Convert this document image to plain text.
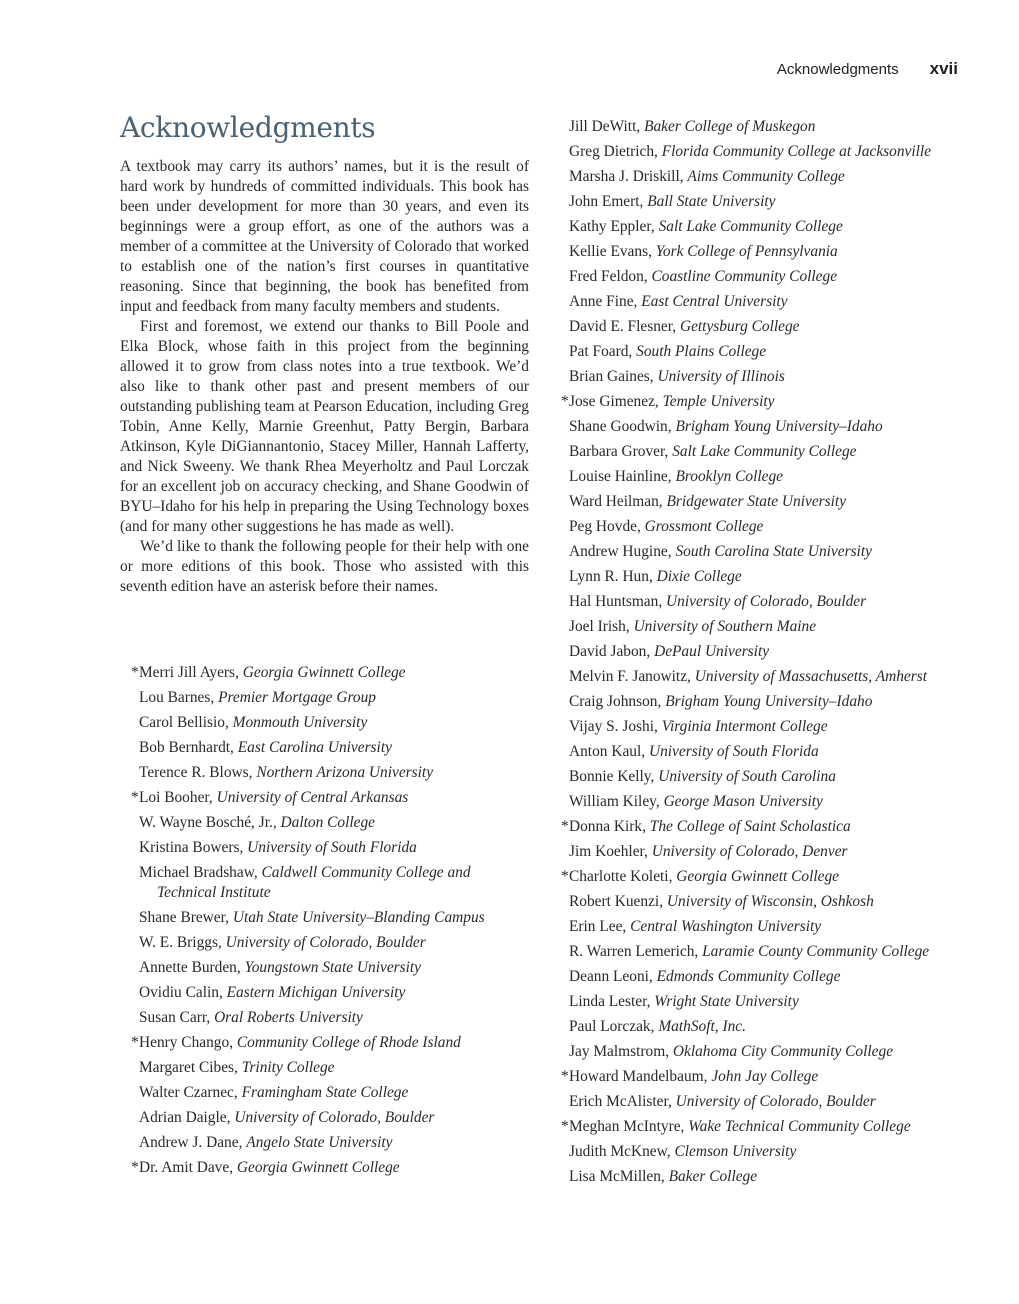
Acknowledgments xvii
Acknowledgments

A textbook may carry its authors’ names, but it is the result of hard work by hundreds of committed individuals. This book has been under development for more than 30 years, and even its beginnings were a group effort, as one of the authors was a member of a committee at the University of Colorado that worked to establish one of the nation’s first courses in quantitative reasoning. Since that beginning, the book has benefited from input and feedback from many faculty members and students.

First and foremost, we extend our thanks to Bill Poole and Elka Block, whose faith in this project from the beginning allowed it to grow from class notes into a true textbook. We’d also like to thank other past and present members of our outstanding publishing team at Pearson Education, including Greg Tobin, Anne Kelly, Marnie Greenhut, Patty Bergin, Barbara Atkinson, Kyle DiGiannantonio, Stacey Miller, Hannah Lafferty, and Nick Sweeny. We thank Rhea Meyerholtz and Paul Lorczak for an excellent job on accuracy checking, and Shane Goodwin of BYU–Idaho for his help in preparing the Using Technology boxes (and for many other suggestions he has made as well).

We’d like to thank the following people for their help with one or more editions of this book. Those who assisted with this seventh edition have an asterisk before their names.

* Merri Jill Ayers, Georgia Gwinnett College
Lou Barnes, Premier Mortgage Group
Carol Bellisio, Monmouth University
Bob Bernhardt, East Carolina University
Terence R. Blows, Northern Arizona University
* Loi Booher, University of Central Arkansas
W. Wayne Bosché, Jr., Dalton College
Kristina Bowers, University of South Florida
Michael Bradshaw, Caldwell Community College and Technical Institute
Shane Brewer, Utah State University–Blanding Campus
W. E. Briggs, University of Colorado, Boulder
Annette Burden, Youngstown State University
Ovidiu Calin, Eastern Michigan University
Susan Carr, Oral Roberts University
* Henry Chango, Community College of Rhode Island
Margaret Cibes, Trinity College
Walter Czarnec, Framingham State College
Adrian Daigle, University of Colorado, Boulder
Andrew J. Dane, Angelo State University
* Dr. Amit Dave, Georgia Gwinnett College
Jill DeWitt, Baker College of Muskegon
Greg Dietrich, Florida Community College at Jacksonville
Marsha J. Driskill, Aims Community College
John Emert, Ball State University
Kathy Eppler, Salt Lake Community College
Kellie Evans, York College of Pennsylvania
Fred Feldon, Coastline Community College
Anne Fine, East Central University
David E. Flesner, Gettysburg College
Pat Foard, South Plains College
Brian Gaines, University of Illinois
* Jose Gimenez, Temple University
Shane Goodwin, Brigham Young University–Idaho
Barbara Grover, Salt Lake Community College
Louise Hainline, Brooklyn College
Ward Heilman, Bridgewater State University
Peg Hovde, Grossmont College
Andrew Hugine, South Carolina State University
Lynn R. Hun, Dixie College
Hal Huntsman, University of Colorado, Boulder
Joel Irish, University of Southern Maine
David Jabon, DePaul University
Melvin F. Janowitz, University of Massachusetts, Amherst
Craig Johnson, Brigham Young University–Idaho
Vijay S. Joshi, Virginia Intermont College
Anton Kaul, University of South Florida
Bonnie Kelly, University of South Carolina
William Kiley, George Mason University
* Donna Kirk, The College of Saint Scholastica
Jim Koehler, University of Colorado, Denver
* Charlotte Koleti, Georgia Gwinnett College
Robert Kuenzi, University of Wisconsin, Oshkosh
Erin Lee, Central Washington University
R. Warren Lemerich, Laramie County Community College
Deann Leoni, Edmonds Community College
Linda Lester, Wright State University
Paul Lorczak, MathSoft, Inc.
Jay Malmstrom, Oklahoma City Community College
* Howard Mandelbaum, John Jay College
Erich McAlister, University of Colorado, Boulder
* Meghan McIntyre, Wake Technical Community College
Judith McKnew, Clemson University
Lisa McMillen, Baker College
